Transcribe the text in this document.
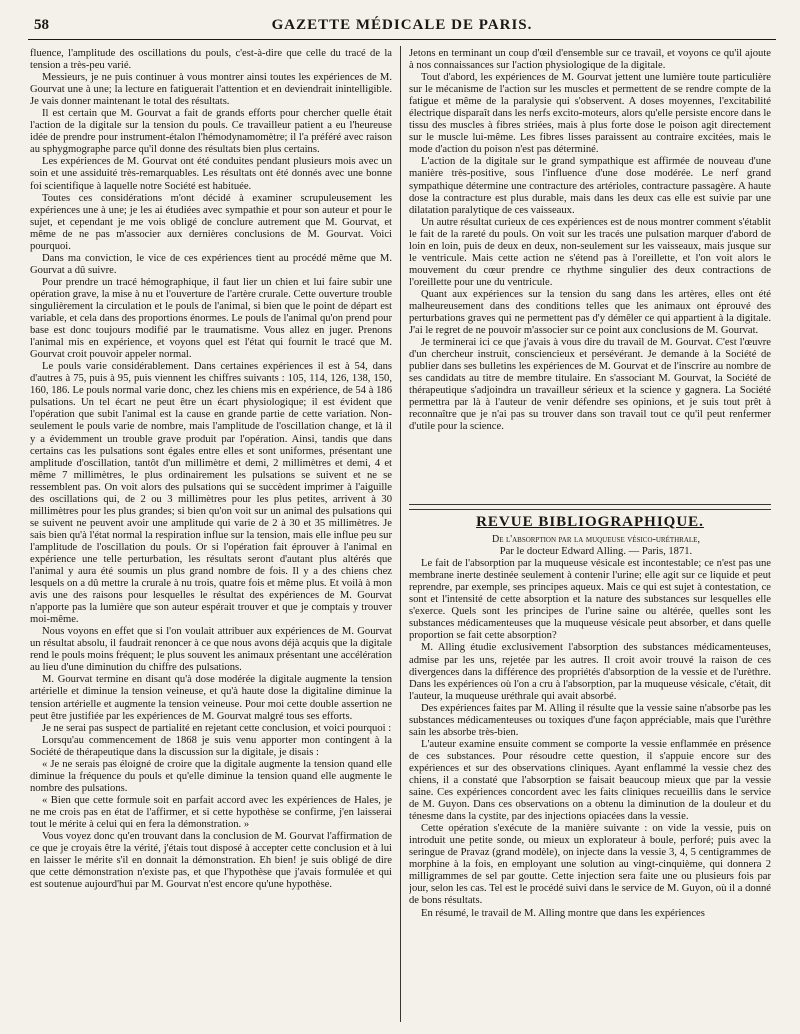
58	GAZETTE MÉDICALE DE PARIS.

fluence, l'amplitude des oscillations du pouls, c'est-à-dire que celle du tracé de la tension a très-peu varié.

Messieurs, je ne puis continuer à vous montrer ainsi toutes les expériences de M. Gourvat une à une; la lecture en fatiguerait l'attention et en deviendrait inintelligible. Je vais donner maintenant le total des résultats.

Il est certain que M. Gourvat a fait de grands efforts pour chercher quelle était l'action de la digitale sur la tension du pouls. Ce travailleur patient a eu l'heureuse idée de prendre pour instrument-étalon l'hémodynamomètre; il l'a préféré avec raison au sphygmographe parce qu'il donne des résultats bien plus certains.

Les expériences de M. Gourvat ont été conduites pendant plusieurs mois avec un soin et une assiduité très-remarquables. Les résultats ont été donnés avec une bonne foi scientifique à laquelle notre Société est habituée.

Toutes ces considérations m'ont décidé à examiner scrupuleusement les expériences une à une; je les ai étudiées avec sympathie et pour son auteur et pour le sujet, et cependant je me vois obligé de conclure autrement que M. Gourvat, et même de ne pas m'associer aux dernières conclusions de M. Gourvat. Voici pourquoi.

Dans ma conviction, le vice de ces expériences tient au procédé même que M. Gourvat a dû suivre.

Pour prendre un tracé hémographique, il faut lier un chien et lui faire subir une opération grave, la mise à nu et l'ouverture de l'artère crurale. Cette ouverture trouble singulièrement la circulation et le pouls de l'animal, si bien que le point de départ est variable, et cela dans des proportions énormes. Le pouls de l'animal qu'on prend pour base est donc toujours modifié par le traumatisme. Vous allez en juger. Prenons l'animal mis en expérience, et voyons quel est l'état qui fournit le tracé que M. Gourvat croit pouvoir appeler normal.

Le pouls varie considérablement. Dans certaines expériences il est à 54, dans d'autres à 75, puis à 95, puis viennent les chiffres suivants : 105, 114, 126, 138, 150, 160, 186. Le pouls normal varie donc, chez les chiens mis en expérience, de 54 à 186 pulsations. Un tel écart ne peut être un écart physiologique; il est évident que l'opération que subit l'animal est la cause en grande partie de cette variation. Non-seulement le pouls varie de nombre, mais l'amplitude de l'oscillation change, et là il y a évidemment un trouble grave produit par l'opération. Ainsi, tandis que dans certains cas les pulsations sont égales entre elles et sont uniformes, présentant une amplitude d'oscillation, tantôt d'un millimètre et demi, 2 millimètres et demi, 4 et même 7 millimètres, le plus ordinairement les pulsations se suivent et ne se ressemblent pas. On voit alors des pulsations qui se succèdent imprimer à l'aiguille des oscillations qui, de 2 ou 3 millimètres pour les plus petites, arrivent à 30 millimètres pour les plus grandes; si bien qu'on voit sur un animal des pulsations qui se suivent ne peuvent avoir une amplitude qui varie de 2 à 30 et 35 millimètres. Je sais bien qu'à l'état normal la respiration influe sur la tension, mais elle influe peu sur l'amplitude de l'oscillation du pouls. Or si l'opération fait éprouver à l'animal en expérience une telle perturbation, les résultats seront d'autant plus altérés que l'animal y aura été soumis un plus grand nombre de fois. Il y a des chiens chez lesquels on a dû mettre la crurale à nu trois, quatre fois et même plus. Et voilà à mon avis une des raisons pour lesquelles le résultat des expériences de M. Gourvat n'apporte pas la lumière que son auteur espérait trouver et que je comptais y trouver moi-même.

Nous voyons en effet que si l'on voulait attribuer aux expériences de M. Gourvat un résultat absolu, il faudrait renoncer à ce que nous avons déjà acquis que la digitale rend le pouls moins fréquent; le plus souvent les animaux présentant une accélération au lieu d'une diminution du chiffre des pulsations.

M. Gourvat termine en disant qu'à dose modérée la digitale augmente la tension artérielle et diminue la tension veineuse, et qu'à haute dose la digitaline diminue la tension artérielle et augmente la tension veineuse. Pour moi cette double assertion ne peut être justifiée par les expériences de M. Gourvat malgré tous ses efforts.

Je ne serai pas suspect de partialité en rejetant cette conclusion, et voici pourquoi :

Lorsqu'au commencement de 1868 je suis venu apporter mon contingent à la Société de thérapeutique dans la discussion sur la digitale, je disais :

« Je ne serais pas éloigné de croire que la digitale augmente la tension quand elle diminue la fréquence du pouls et qu'elle diminue la tension quand elle augmente le nombre des pulsations.

« Bien que cette formule soit en parfait accord avec les expériences de Hales, je ne me crois pas en état de l'affirmer, et si cette hypothèse se confirme, j'en laisserai tout le mérite à celui qui en fera la démonstration. »

Vous voyez donc qu'en trouvant dans la conclusion de M. Gourvat l'affirmation de ce que je croyais être la vérité, j'étais tout disposé à accepter cette conclusion et à lui en laisser le mérite s'il en donnait la démonstration. Eh bien! je suis obligé de dire que cette démonstration n'existe pas, et que l'hypothèse que j'avais formulée et qui est soutenue aujourd'hui par M. Gourvat n'est encore qu'une hypothèse.

Jetons en terminant un coup d'œil d'ensemble sur ce travail, et voyons ce qu'il ajoute à nos connaissances sur l'action physiologique de la digitale.

Tout d'abord, les expériences de M. Gourvat jettent une lumière toute particulière sur le mécanisme de l'action sur les muscles et permettent de se rendre compte de la fatigue et même de la paralysie qui s'observent. A doses moyennes, l'excitabilité électrique disparaît dans les nerfs excito-moteurs, alors qu'elle persiste encore dans le tissu des muscles à fibres striées, mais à plus forte dose le poison agit directement sur le muscle lui-même. Les fibres lisses paraissent au contraire excitées, mais le mode d'action du poison n'est pas déterminé.

L'action de la digitale sur le grand sympathique est affirmée de nouveau d'une manière très-positive, sous l'influence d'une dose modérée. Le nerf grand sympathique détermine une contracture des artérioles, contracture passagère. A haute dose la contracture est plus durable, mais dans les deux cas elle est suivie par une dilatation paralytique de ces vaisseaux.

Un autre résultat curieux de ces expériences est de nous montrer comment s'établit le fait de la rareté du pouls. On voit sur les tracés une pulsation marquer d'abord de loin en loin, puis de deux en deux, non-seulement sur les vaisseaux, mais jusque sur le ventricule. Mais cette action ne s'étend pas à l'oreillette, et l'on voit alors le mouvement du cœur prendre ce rhythme singulier des deux contractions de l'oreillette pour une du ventricule.

Quant aux expériences sur la tension du sang dans les artères, elles ont été malheureusement dans des conditions telles que les animaux ont éprouvé des perturbations graves qui ne permettent pas d'y démêler ce qui appartient à la digitale. J'ai le regret de ne pouvoir m'associer sur ce point aux conclusions de M. Gourvat.

Je terminerai ici ce que j'avais à vous dire du travail de M. Gourvat. C'est l'œuvre d'un chercheur instruit, consciencieux et persévérant. Je demande à la Société de publier dans ses bulletins les expériences de M. Gourvat et de l'inscrire au nombre de ses candidats au titre de membre titulaire. En s'associant M. Gourvat, la Société de thérapeutique s'adjoindra un travailleur sérieux et la science y gagnera. La Société permettra par là à l'auteur de venir défendre ses opinions, et je suis tout prêt à reconnaître que je n'ai pas su trouver dans son travail tout ce qu'il peut renfermer d'utile pour la science.

REVUE BIBLIOGRAPHIQUE.

De l'absorption par la muqueuse vésico-uréthrale,

Par le docteur Edward Alling. — Paris, 1871.

Le fait de l'absorption par la muqueuse vésicale est incontestable; ce n'est pas une membrane inerte destinée seulement à contenir l'urine; elle agit sur ce liquide et peut reprendre, par exemple, ses principes aqueux. Mais ce qui est sujet à contestation, ce sont et l'intensité de cette absorption et la nature des substances sur lesquelles elle s'exerce. Quels sont les principes de l'urine saine ou altérée, quelles sont les substances médicamenteuses que la muqueuse vésicale peut absorber, et dans quelle proportion se fait cette absorption?

M. Alling étudie exclusivement l'absorption des substances médicamenteuses, admise par les uns, rejetée par les autres. Il croit avoir trouvé la raison de ces divergences dans la différence des propriétés d'absorption de la vessie et de l'urèthre. Dans les expériences où l'on a cru à l'absorption, par la muqueuse vésicale, c'était, dit l'auteur, la muqueuse uréthrale qui avait absorbé.

Des expériences faites par M. Alling il résulte que la vessie saine n'absorbe pas les substances médicamenteuses ou toxiques d'une façon appréciable, mais que l'urèthre sain les absorbe très-bien.

L'auteur examine ensuite comment se comporte la vessie enflammée en présence de ces substances. Pour résoudre cette question, il s'appuie encore sur des expériences et sur des observations cliniques. Ayant enflammé la vessie chez des chiens, il a constaté que l'absorption se faisait beaucoup mieux que par la vessie saine. Ces expériences concordent avec les faits cliniques recueillis dans le service de M. Guyon. Dans ces observations on a obtenu la diminution de la douleur et du ténesme dans la cystite, par des injections opiacées dans la vessie.

Cette opération s'exécute de la manière suivante : on vide la vessie, puis on introduit une petite sonde, ou mieux un explorateur à boule, perforé; puis avec la seringue de Pravaz (grand modèle), on injecte dans la vessie 3, 4, 5 centigrammes de morphine à la fois, en employant une solution au vingt-cinquième, qui donnera 2 milligrammes de sel par goutte. Cette injection sera faite une ou plusieurs fois par jour, selon les cas. Tel est le procédé suivi dans le service de M. Guyon, où il a donné de bons résultats.

En résumé, le travail de M. Alling montre que dans les expériences
